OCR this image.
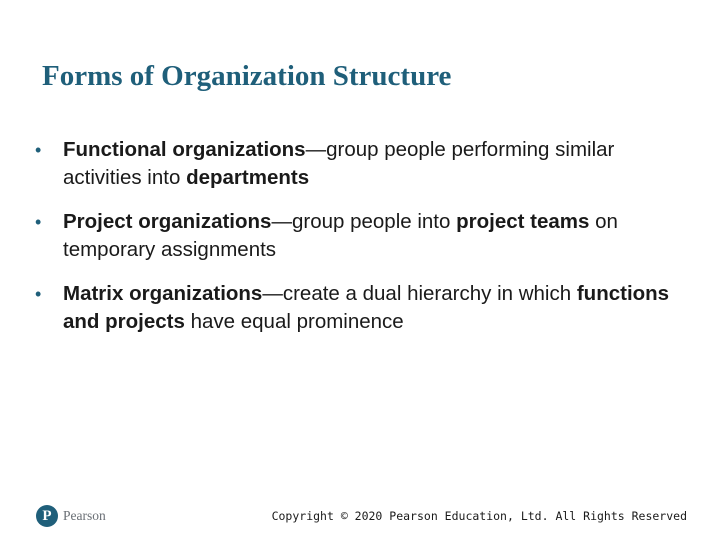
Forms of Organization Structure
• Functional organizations—group people performing similar activities into departments
• Project organizations—group people into project teams on temporary assignments
• Matrix organizations—create a dual hierarchy in which functions and projects have equal prominence
P Pearson	Copyright © 2020 Pearson Education, Ltd. All Rights Reserved
